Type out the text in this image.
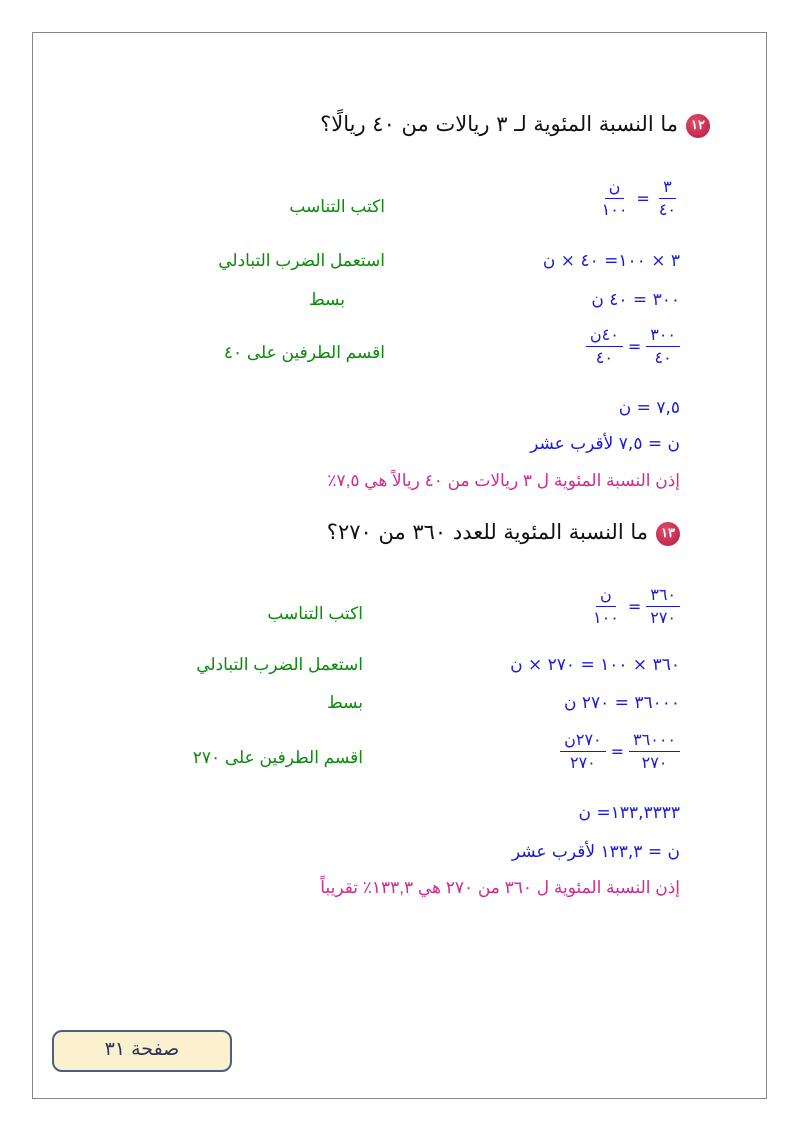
١٢ما النسبة المئوية لـ ٣ ريالات من ٤٠ ريالًا؟
$\frac{٣}{٤٠}$
=
$\frac{\text{ن}}{١٠٠}$
اكتب التناسب
٣ × ١٠٠= ٤٠ × ن
استعمل الضرب التبادلي
٣٠٠ = ٤٠ ن
بسط
$\frac{٣٠٠}{٤٠}$
=
$\frac{\text{٤٠ن}}{٤٠}$
اقسم الطرفين على ٤٠
٧,٥ = ن
ن = ٧,٥ لأقرب عشر
إذن النسبة المئوية ل ٣ ريالات من ٤٠ ريالاً هي ٧,٥٪
١٣ما النسبة المئوية للعدد ٣٦٠ من ٢٧٠؟
$\frac{٣٦٠}{٢٧٠}$
=
$\frac{\text{ن}}{١٠٠}$
اكتب التناسب
٣٦٠ × ١٠٠ = ٢٧٠ × ن
استعمل الضرب التبادلي
٣٦٠٠٠ = ٢٧٠ ن
بسط
$\frac{٣٦٠٠٠}{٢٧٠}$
=
$\frac{\text{٢٧٠ن}}{٢٧٠}$
اقسم الطرفين على ٢٧٠
١٣٣,٣٣٣٣= ن
ن = ١٣٣,٣ لأقرب عشر
إذن النسبة المئوية ل ٣٦٠ من ٢٧٠ هي ١٣٣,٣٪ تقريباً
صفحة ٣١
